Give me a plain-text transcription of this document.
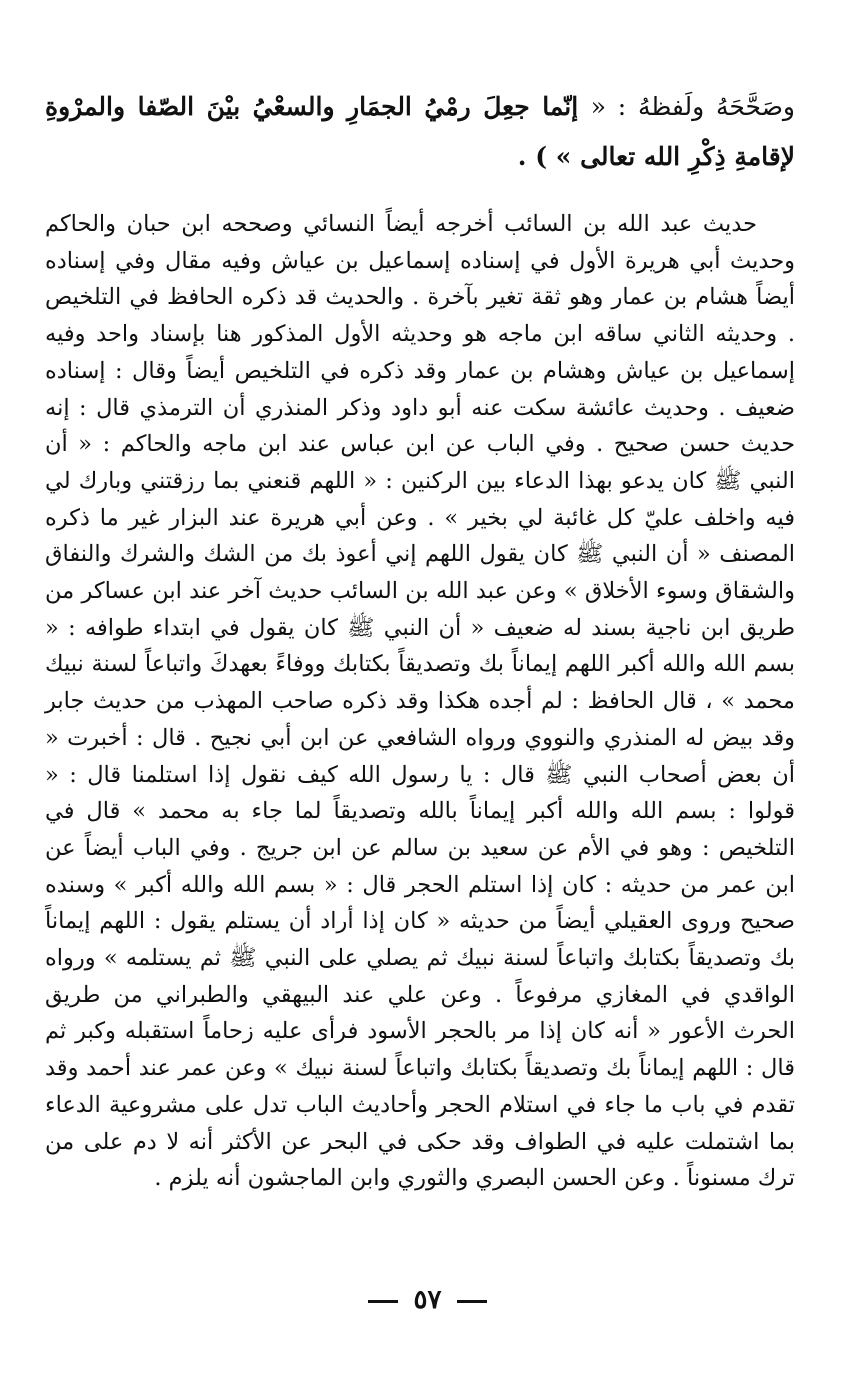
وصَحَّحَهُ ولَفظهُ : « إنّما جعِلَ رمْيُ الجمَارِ والسعْيُ بيْنَ الصّفا والمرْوةِ لإقامةِ ذِكْرِ الله تعالى » ) .

حديث عبد الله بن السائب أخرجه أيضاً النسائي وصححه ابن حبان والحاكم وحديث أبي هريرة الأول في إسناده إسماعيل بن عياش وفيه مقال وفي إسناده أيضاً هشام بن عمار وهو ثقة تغير بآخرة . والحديث قد ذكره الحافظ في التلخيص . وحديثه الثاني ساقه ابن ماجه هو وحديثه الأول المذكور هنا بإسناد واحد وفيه إسماعيل بن عياش وهشام بن عمار وقد ذكره في التلخيص أيضاً وقال : إسناده ضعيف . وحديث عائشة سكت عنه أبو داود وذكر المنذري أن الترمذي قال : إنه حديث حسن صحيح . وفي الباب عن ابن عباس عند ابن ماجه والحاكم : « أن النبي ﷺ كان يدعو بهذا الدعاء بين الركنين : « اللهم قنعني بما رزقتني وبارك لي فيه واخلف عليّ كل غائبة لي بخير » . وعن أبي هريرة عند البزار غير ما ذكره المصنف « أن النبي ﷺ كان يقول اللهم إني أعوذ بك من الشك والشرك والنفاق والشقاق وسوء الأخلاق » وعن عبد الله بن السائب حديث آخر عند ابن عساكر من طريق ابن ناجية بسند له ضعيف « أن النبي ﷺ كان يقول في ابتداء طوافه : « بسم الله والله أكبر اللهم إيماناً بك وتصديقاً بكتابك ووفاءً بعهدكَ واتباعاً لسنة نبيك محمد » ، قال الحافظ : لم أجده هكذا وقد ذكره صاحب المهذب من حديث جابر وقد بيض له المنذري والنووي ورواه الشافعي عن ابن أبي نجيح . قال : أخبرت « أن بعض أصحاب النبي ﷺ قال : يا رسول الله كيف نقول إذا استلمنا قال : « قولوا : بسم الله والله أكبر إيماناً بالله وتصديقاً لما جاء به محمد » قال في التلخيص : وهو في الأم عن سعيد بن سالم عن ابن جريج . وفي الباب أيضاً عن ابن عمر من حديثه : كان إذا استلم الحجر قال : « بسم الله والله أكبر » وسنده صحيح وروى العقيلي أيضاً من حديثه « كان إذا أراد أن يستلم يقول : اللهم إيماناً بك وتصديقاً بكتابك واتباعاً لسنة نبيك ثم يصلي على النبي ﷺ ثم يستلمه » ورواه الواقدي في المغازي مرفوعاً . وعن علي عند البيهقي والطبراني من طريق الحرث الأعور « أنه كان إذا مر بالحجر الأسود فرأى عليه زحاماً استقبله وكبر ثم قال : اللهم إيماناً بك وتصديقاً بكتابك واتباعاً لسنة نبيك » وعن عمر عند أحمد وقد تقدم في باب ما جاء في استلام الحجر وأحاديث الباب تدل على مشروعية الدعاء بما اشتملت عليه في الطواف وقد حكى في البحر عن الأكثر أنه لا دم على من ترك مسنوناً . وعن الحسن البصري والثوري وابن الماجشون أنه يلزم .

٥٧
